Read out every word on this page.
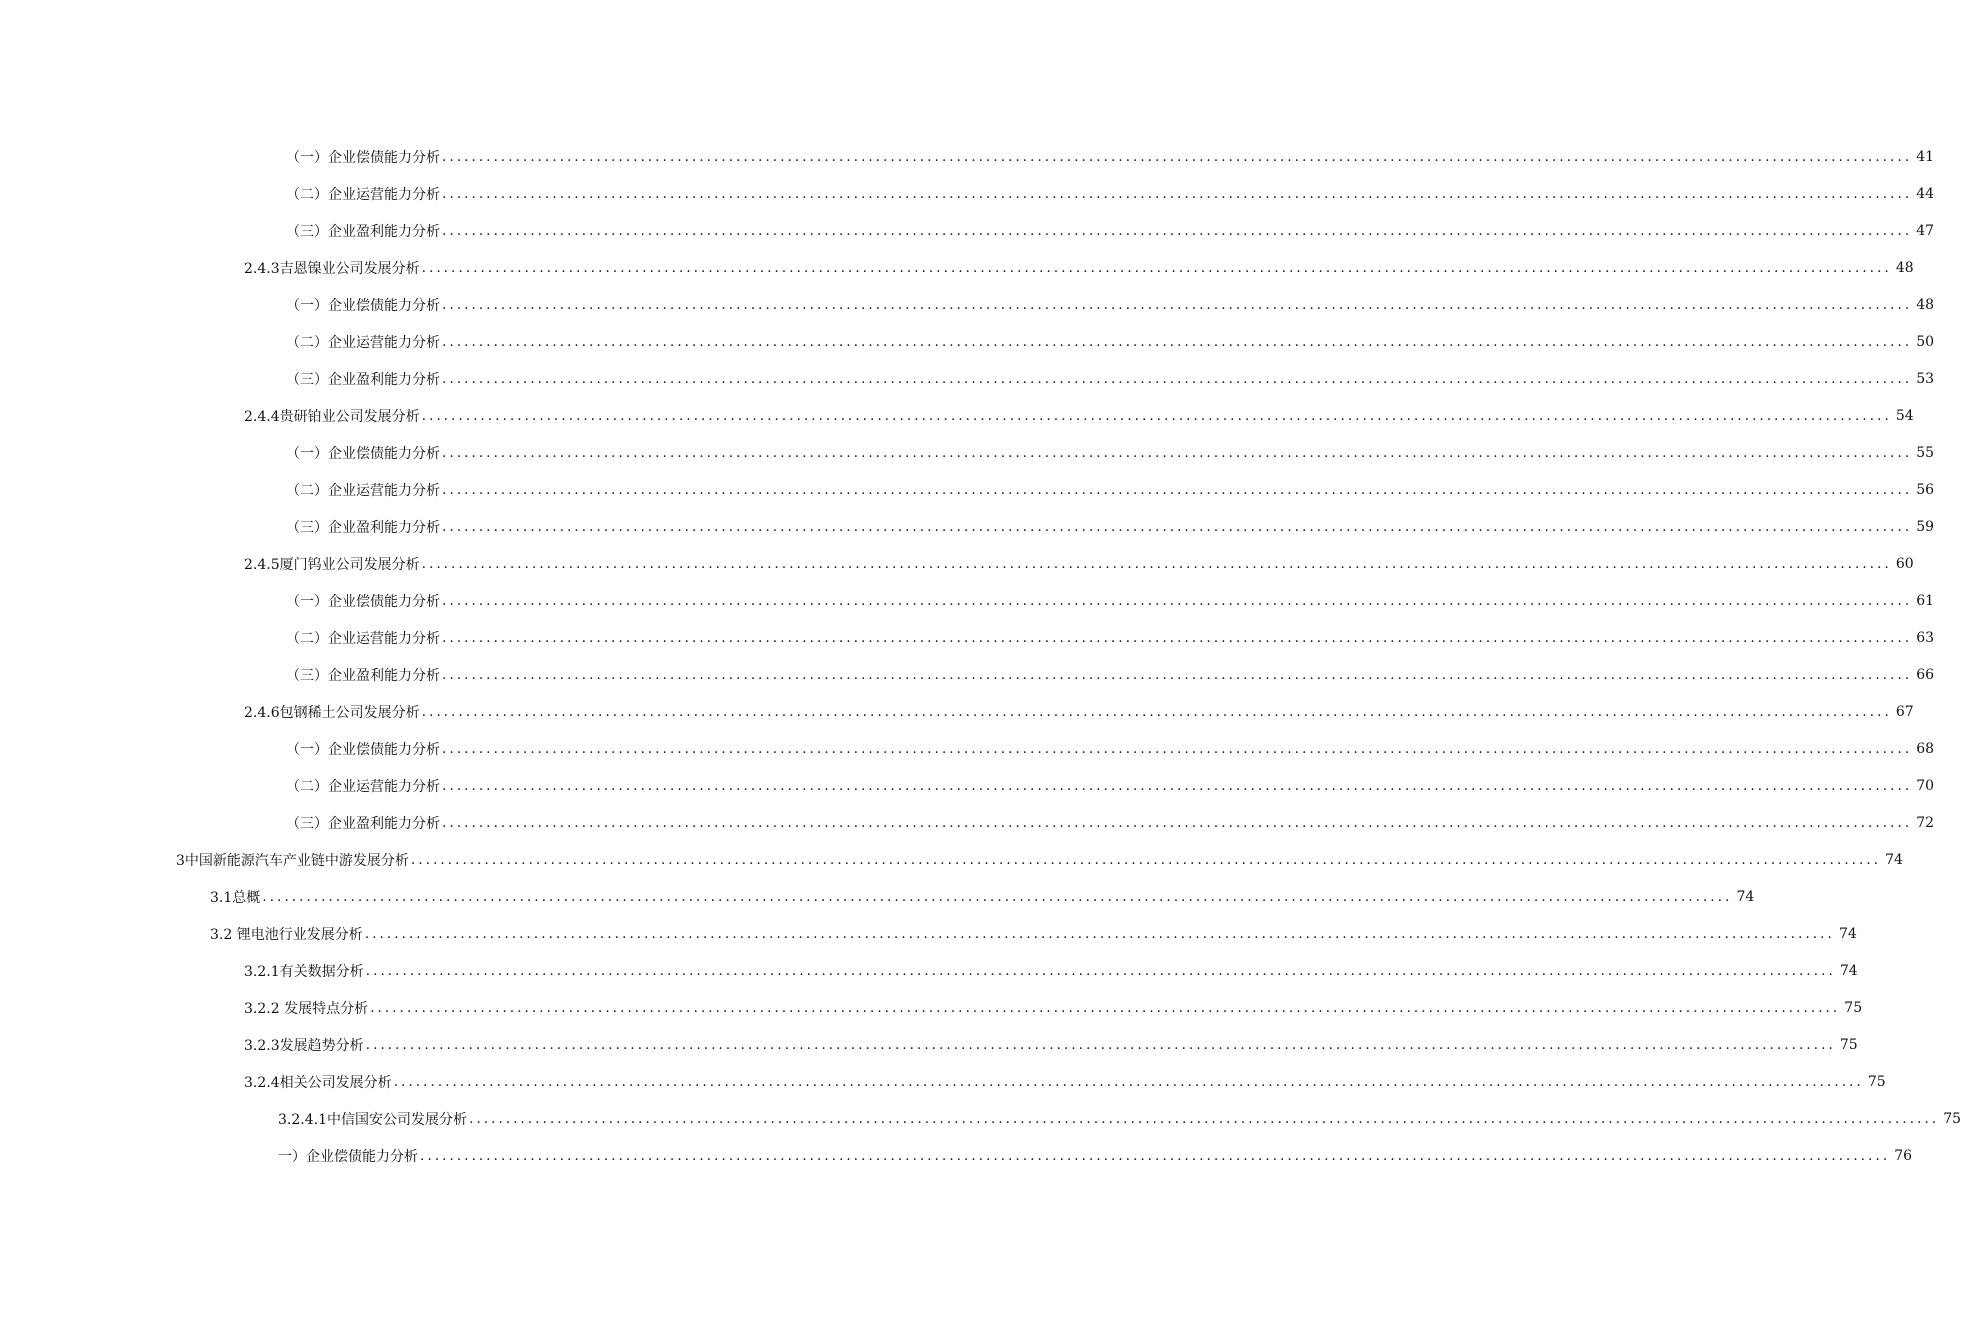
（一）企业偿债能力分析 ........................................................................................................................................................................................................ 41
（二）企业运营能力分析 ........................................................................................................................................................................................................ 44
（三）企业盈利能力分析 ........................................................................................................................................................................................................ 47
2.4.3吉恩镍业公司发展分析 ........................................................................................................................................................................................................ 48
（一）企业偿债能力分析 ........................................................................................................................................................................................................ 48
（二）企业运营能力分析 ........................................................................................................................................................................................................ 50
（三）企业盈利能力分析 ........................................................................................................................................................................................................ 53
2.4.4贵研铂业公司发展分析 ........................................................................................................................................................................................................ 54
（一）企业偿债能力分析 ........................................................................................................................................................................................................ 55
（二）企业运营能力分析 ........................................................................................................................................................................................................ 56
（三）企业盈利能力分析 ........................................................................................................................................................................................................ 59
2.4.5厦门钨业公司发展分析 ........................................................................................................................................................................................................ 60
（一）企业偿债能力分析 ........................................................................................................................................................................................................ 61
（二）企业运营能力分析 ........................................................................................................................................................................................................ 63
（三）企业盈利能力分析 ........................................................................................................................................................................................................ 66
2.4.6包钢稀土公司发展分析 ........................................................................................................................................................................................................ 67
（一）企业偿债能力分析 ........................................................................................................................................................................................................ 68
（二）企业运营能力分析 ........................................................................................................................................................................................................ 70
（三）企业盈利能力分析 ........................................................................................................................................................................................................ 72
3中国新能源汽车产业链中游发展分析 ........................................................................................................................................................................................................ 74
3.1总概 ........................................................................................................................................................................................................ 74
3.2 锂电池行业发展分析 ........................................................................................................................................................................................................ 74
3.2.1有关数据分析 ........................................................................................................................................................................................................ 74
3.2.2 发展特点分析 ........................................................................................................................................................................................................ 75
3.2.3发展趋势分析 ........................................................................................................................................................................................................ 75
3.2.4相关公司发展分析 ........................................................................................................................................................................................................ 75
3.2.4.1中信国安公司发展分析 ........................................................................................................................................................................................................ 75
一）企业偿债能力分析 ........................................................................................................................................................................................................ 76
